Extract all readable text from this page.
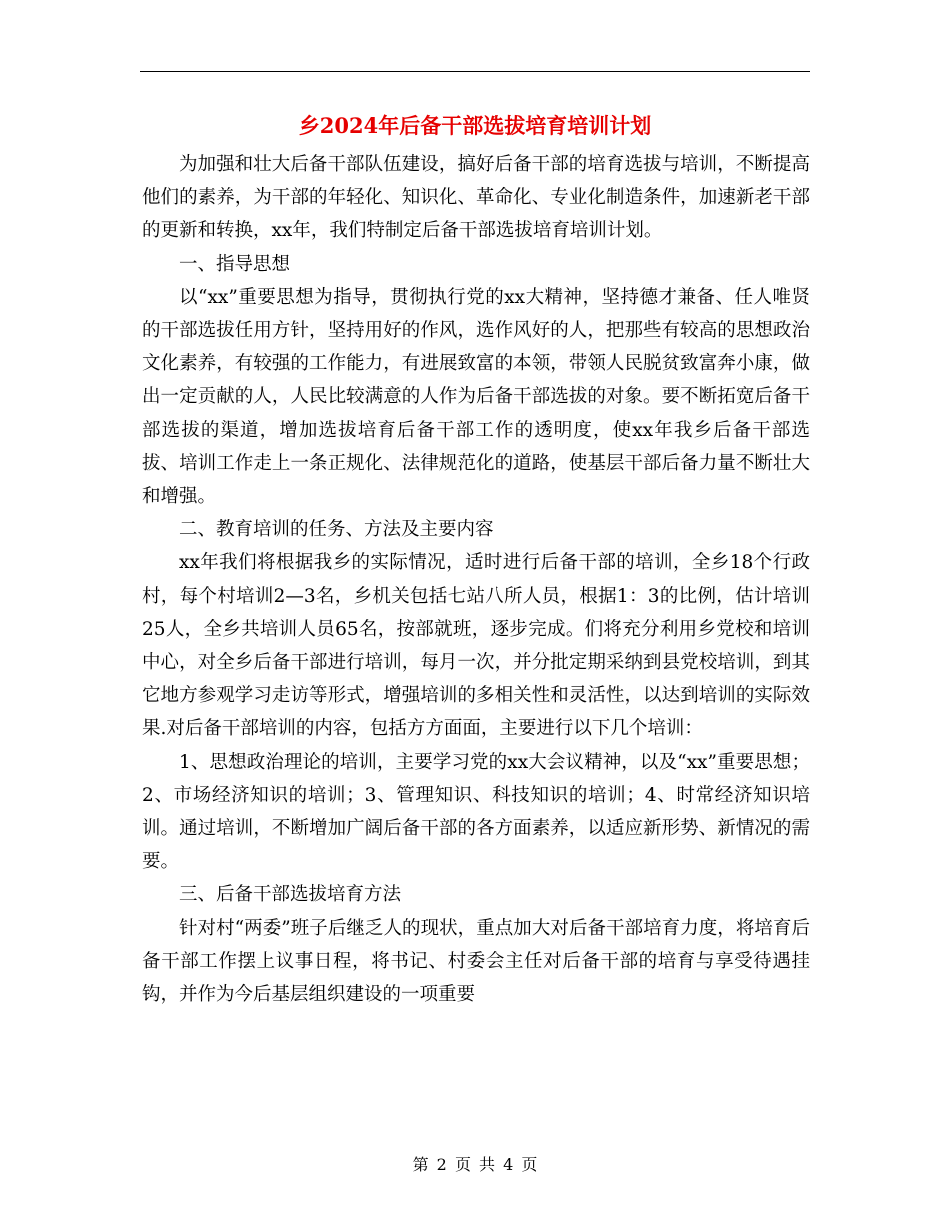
乡2024年后备干部选拔培育培训计划

为加强和壮大后备干部队伍建设，搞好后备干部的培育选拔与培训，不断提高他们的素养，为干部的年轻化、知识化、革命化、专业化制造条件，加速新老干部的更新和转换，xx年，我们特制定后备干部选拔培育培训计划。

一、指导思想

以“xx”重要思想为指导，贯彻执行党的xx大精神，坚持德才兼备、任人唯贤的干部选拔任用方针，坚持用好的作风，选作风好的人，把那些有较高的思想政治文化素养，有较强的工作能力，有进展致富的本领，带领人民脱贫致富奔小康，做出一定贡献的人，人民比较满意的人作为后备干部选拔的对象。要不断拓宽后备干部选拔的渠道，增加选拔培育后备干部工作的透明度，使xx年我乡后备干部选拔、培训工作走上一条正规化、法律规范化的道路，使基层干部后备力量不断壮大和增强。

二、教育培训的任务、方法及主要内容

xx年我们将根据我乡的实际情况，适时进行后备干部的培训，全乡18个行政村，每个村培训2—3名，乡机关包括七站八所人员，根据1：3的比例，估计培训25人，全乡共培训人员65名，按部就班，逐步完成。们将充分利用乡党校和培训中心，对全乡后备干部进行培训，每月一次，并分批定期采纳到县党校培训，到其它地方参观学习走访等形式，增强培训的多相关性和灵活性，以达到培训的实际效果.对后备干部培训的内容，包括方方面面，主要进行以下几个培训：

1、思想政治理论的培训，主要学习党的xx大会议精神，以及“xx”重要思想；2、市场经济知识的培训；3、管理知识、科技知识的培训；4、时常经济知识培训。通过培训，不断增加广阔后备干部的各方面素养，以适应新形势、新情况的需要。

三、后备干部选拔培育方法

针对村“两委”班子后继乏人的现状，重点加大对后备干部培育力度，将培育后备干部工作摆上议事日程，将书记、村委会主任对后备干部的培育与享受待遇挂钩，并作为今后基层组织建设的一项重要

第 2 页 共 4 页
